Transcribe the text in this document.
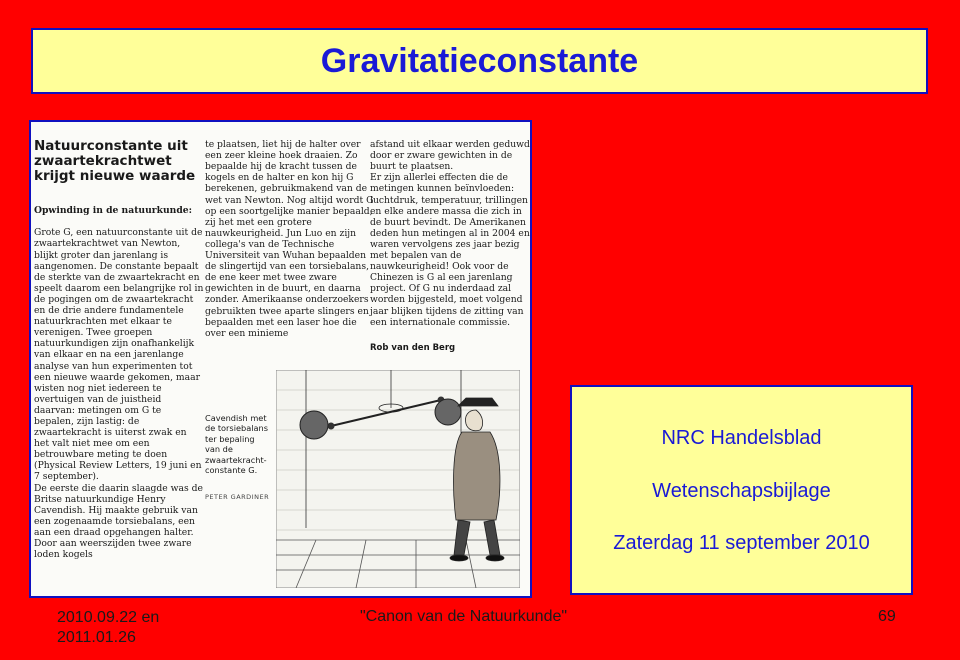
Gravitatieconstante

Natuurconstante uit
zwaartekrachtwet
krijgt nieuwe waarde

Opwinding in de natuurkunde:

Grote G, een natuurconstante uit de zwaartekrachtwet van Newton, blijkt groter dan jarenlang is aangenomen. De constante bepaalt de sterkte van de zwaartekracht en speelt daarom een belangrijke rol in de pogingen om de zwaartekracht en de drie andere fundamentele natuurkrachten met elkaar te verenigen. Twee groepen natuurkundigen zijn onafhankelijk van elkaar en na een jarenlange analyse van hun experimenten tot een nieuwe waarde gekomen, maar wisten nog niet iedereen te overtuigen van de juistheid daarvan: metingen om G te bepalen, zijn lastig: de zwaartekracht is uiterst zwak en het valt niet mee om een betrouwbare meting te doen (Physical Review Letters, 19 juni en 7 september).
De eerste die daarin slaagde was de Britse natuurkundige Henry Cavendish. Hij maakte gebruik van een zogenaamde torsiebalans, een aan een draad opgehangen halter. Door aan weerszijden twee zware loden kogels

te plaatsen, liet hij de halter over een zeer kleine hoek draaien. Zo bepaalde hij de kracht tussen de kogels en de halter en kon hij G berekenen, gebruikmakend van de wet van Newton. Nog altijd wordt G op een soortgelijke manier bepaald, zij het met een grotere nauwkeurigheid. Jun Luo en zijn collega's van de Technische Universiteit van Wuhan bepaalden de slingertijd van een torsiebalans, de ene keer met twee zware gewichten in de buurt, en daarna zonder. Amerikaanse onderzoekers gebruikten twee aparte slingers en bepaalden met een laser hoe die over een minieme

afstand uit elkaar werden geduwd door er zware gewichten in de buurt te plaatsen.
Er zijn allerlei effecten die de metingen kunnen beïnvloeden: luchtdruk, temperatuur, trillingen en elke andere massa die zich in de buurt bevindt. De Amerikanen deden hun metingen al in 2004 en waren vervolgens zes jaar bezig met bepalen van de nauwkeurigheid! Ook voor de Chinezen is G al een jarenlang project. Of G nu inderdaad zal worden bijgesteld, moet volgend jaar blijken tijdens de zitting van een internationale commissie.

Rob van den Berg

Cavendish met
de torsiebalans
ter bepaling
van de
zwaartekracht-
constante G.

PETER GARDINER

NRC Handelsblad
Wetenschapsbijlage
Zaterdag 11 september 2010
2010.09.22 en
2011.01.26
"Canon van de Natuurkunde"	69
